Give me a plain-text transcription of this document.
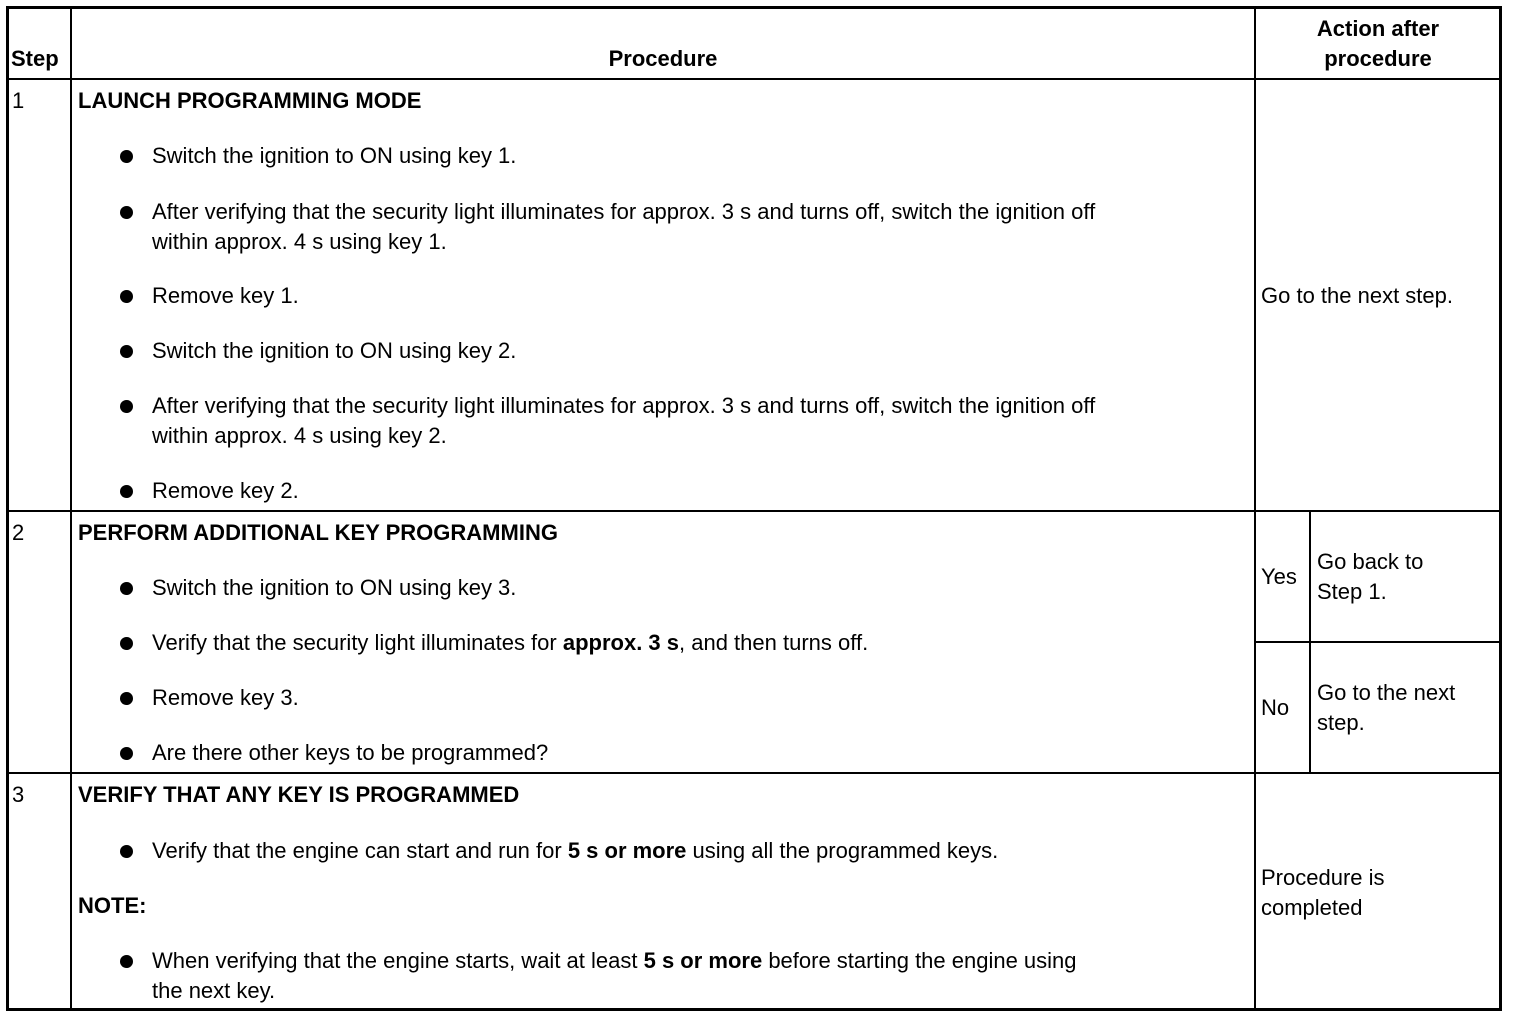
Step	Procedure
Action after
procedure
1 LAUNCH PROGRAMMING MODE
Switch the ignition to ON using key 1.
After verifying that the security light illuminates for approx. 3 s and turns off, switch the ignition off
within approx. 4 s using key 1.
Remove key 1.
Switch the ignition to ON using key 2.
After verifying that the security light illuminates for approx. 3 s and turns off, switch the ignition off
within approx. 4 s using key 2.
Remove key 2.
Go to the next step.
2 PERFORM ADDITIONAL KEY PROGRAMMING
Switch the ignition to ON using key 3.
Verify that the security light illuminates for approx. 3 s, and then turns off.
Remove key 3.
Are there other keys to be programmed?
Yes
Go back to
Step 1.
No
Go to the next
step.
3 VERIFY THAT ANY KEY IS PROGRAMMED
Verify that the engine can start and run for 5 s or more using all the programmed keys.
NOTE:
When verifying that the engine starts, wait at least 5 s or more before starting the engine using
the next key.
Procedure is
completed
